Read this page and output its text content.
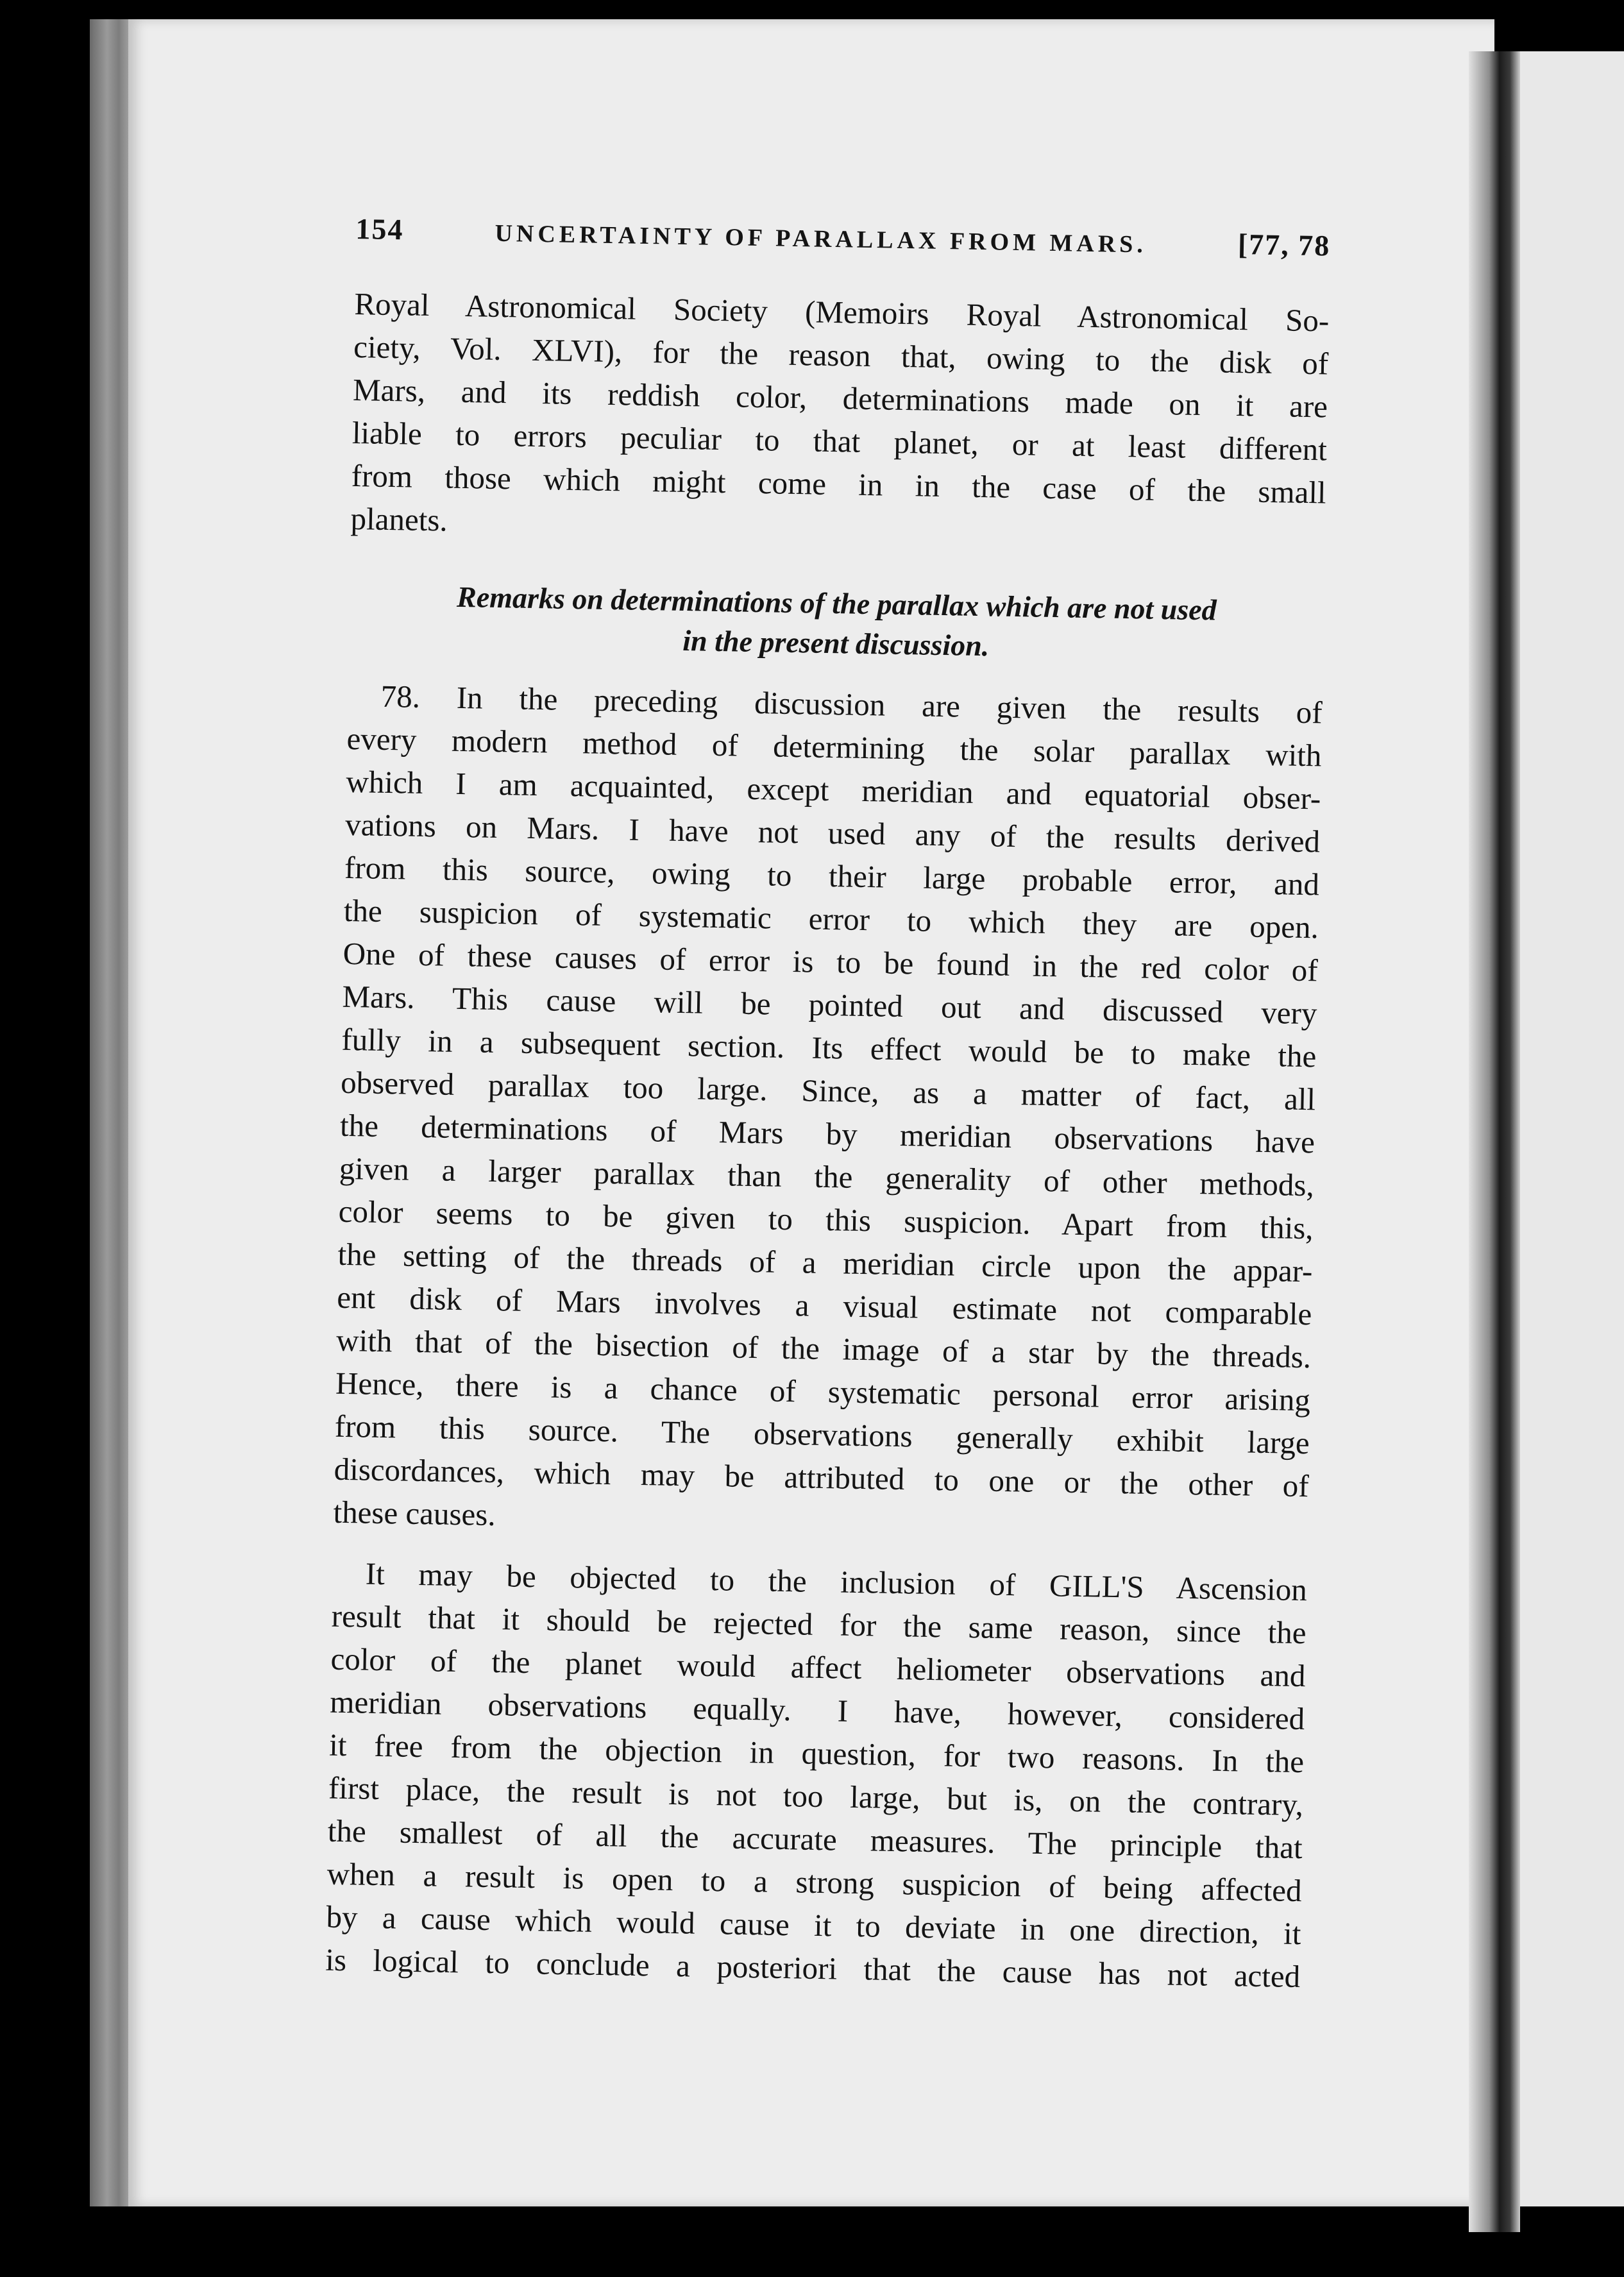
154	UNCERTAINTY OF PARALLAX FROM MARS.	[77, 78

Royal Astronomical Society (Memoirs Royal Astronomical So-
ciety, Vol. XLVI), for the reason that, owing to the disk of
Mars, and its reddish color, determinations made on it are
liable to errors peculiar to that planet, or at least different
from those which might come in in the case of the small
planets.

Remarks on determinations of the parallax which are not used
in the present discussion.

78. In the preceding discussion are given the results of
every modern method of determining the solar parallax with
which I am acquainted, except meridian and equatorial obser-
vations on Mars. I have not used any of the results derived
from this source, owing to their large probable error, and
the suspicion of systematic error to which they are open.
One of these causes of error is to be found in the red color of
Mars. This cause will be pointed out and discussed very
fully in a subsequent section. Its effect would be to make the
observed parallax too large. Since, as a matter of fact, all
the determinations of Mars by meridian observations have
given a larger parallax than the generality of other methods,
color seems to be given to this suspicion. Apart from this,
the setting of the threads of a meridian circle upon the appar-
ent disk of Mars involves a visual estimate not comparable
with that of the bisection of the image of a star by the threads.
Hence, there is a chance of systematic personal error arising
from this source. The observations generally exhibit large
discordances, which may be attributed to one or the other of
these causes.

It may be objected to the inclusion of GILL'S Ascension
result that it should be rejected for the same reason, since the
color of the planet would affect heliometer observations and
meridian observations equally. I have, however, considered
it free from the objection in question, for two reasons. In the
first place, the result is not too large, but is, on the contrary,
the smallest of all the accurate measures. The principle that
when a result is open to a strong suspicion of being affected
by a cause which would cause it to deviate in one direction, it
is logical to conclude a posteriori that the cause has not acted
